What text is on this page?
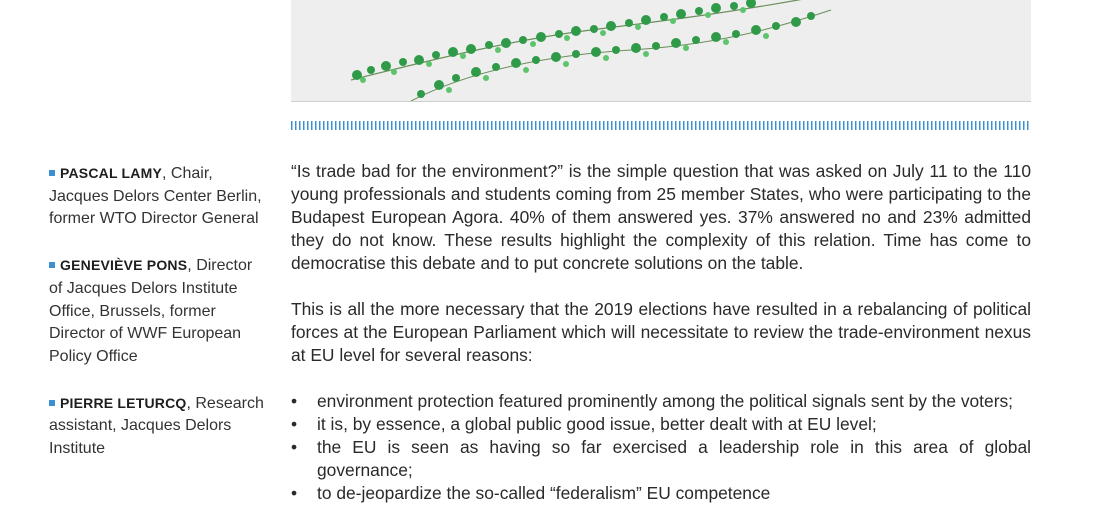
PASCAL LAMY, Chair, Jacques Delors Center Berlin, former WTO Director General
GENEVIÈVE PONS, Director of Jacques Delors Institute Office, Brussels, former Director of WWF European Policy Office
PIERRE LETURCQ, Research assistant, Jacques Delors Institute

“Is trade bad for the environment?” is the simple question that was asked on July 11 to the 110 young professionals and students coming from 25 member States, who were participating to the Budapest European Agora. 40% of them answered yes. 37% answered no and 23% admitted they do not know. These results highlight the complexity of this relation. Time has come to democratise this debate and to put concrete solutions on the table.

This is all the more necessary that the 2019 elections have resulted in a rebalancing of political forces at the European Parliament which will necessitate to review the trade-environment nexus at EU level for several reasons:

• environment protection featured prominently among the political signals sent by the voters;
• it is, by essence, a global public good issue, better dealt with at EU level;
• the EU is seen as having so far exercised a leadership role in this area of global governance;
• to de-jeopardize the so-called “federalism” EU competence
